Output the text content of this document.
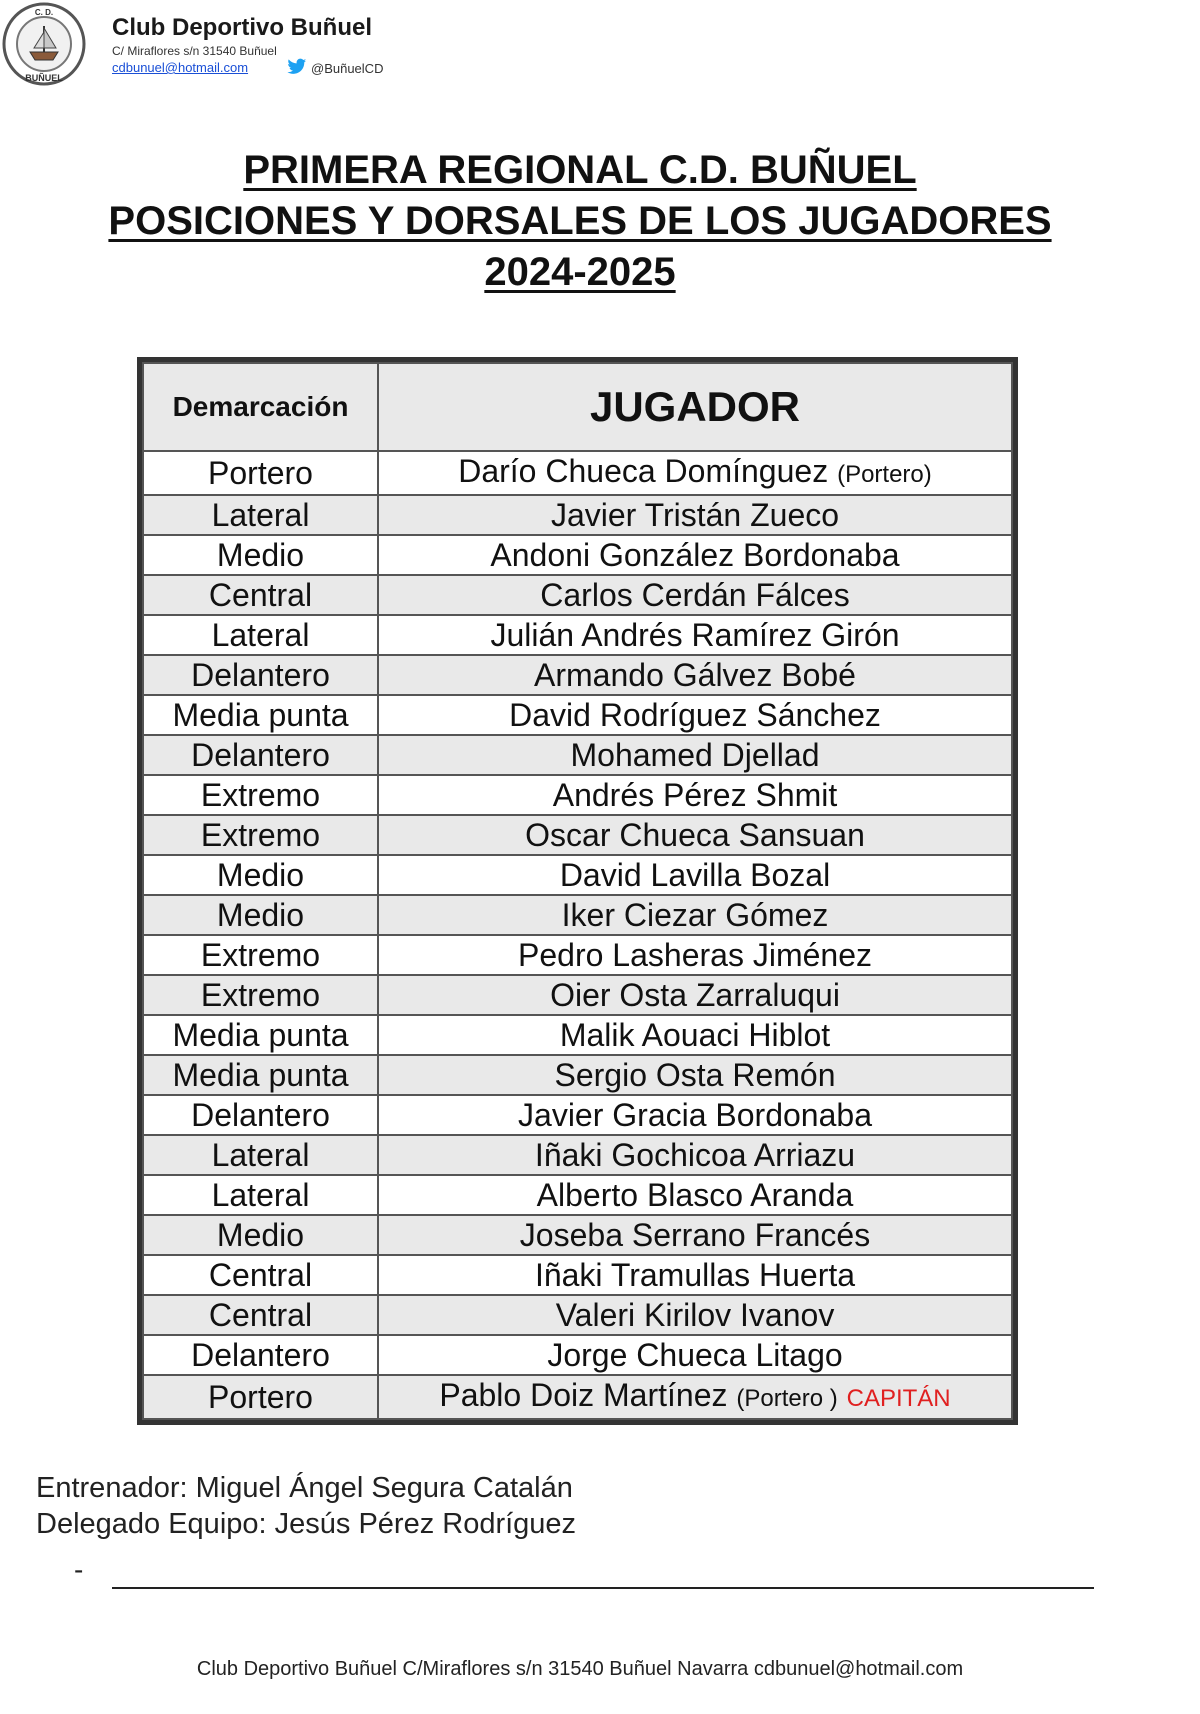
C. D.
BUÑUEL
Club Deportivo Buñuel
C/ Miraflores s/n 31540 Buñuel
cdbunuel@hotmail.com	@BuñuelCD
PRIMERA REGIONAL C.D. BUÑUEL
POSICIONES Y DORSALES DE LOS JUGADORES
2024-2025
Demarcación	JUGADOR
Portero	Darío Chueca Domínguez (Portero)
Lateral	Javier Tristán Zueco
Medio	Andoni González Bordonaba
Central	Carlos Cerdán Fálces
Lateral	Julián Andrés Ramírez Girón
Delantero	Armando Gálvez Bobé
Media punta	David Rodríguez Sánchez
Delantero	Mohamed Djellad
Extremo	Andrés Pérez Shmit
Extremo	Oscar Chueca Sansuan
Medio	David Lavilla Bozal
Medio	Iker Ciezar Gómez
Extremo	Pedro Lasheras Jiménez
Extremo	Oier Osta Zarraluqui
Media punta	Malik Aouaci Hiblot
Media punta	Sergio Osta Remón
Delantero	Javier Gracia Bordonaba
Lateral	Iñaki Gochicoa Arriazu
Lateral	Alberto Blasco Aranda
Medio	Joseba Serrano Francés
Central	Iñaki Tramullas Huerta
Central	Valeri Kirilov Ivanov
Delantero	Jorge Chueca Litago
Portero	Pablo Doiz Martínez (Portero ) CAPITÁN
Entrenador: Miguel Ángel Segura Catalán
Delegado Equipo: Jesús Pérez Rodríguez
-
Club Deportivo Buñuel C/Miraflores s/n 31540 Buñuel Navarra cdbunuel@hotmail.com
